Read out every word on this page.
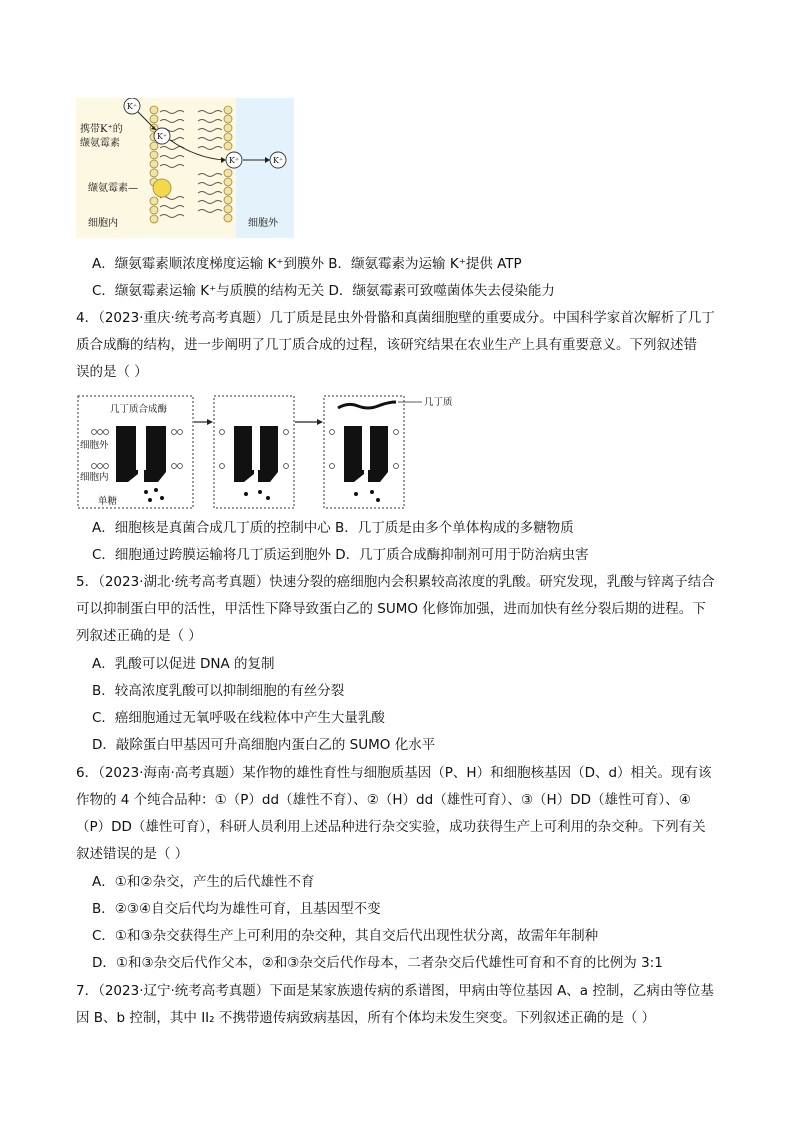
K⁺
K⁺
K⁺	K⁺
携带K⁺的
缬氨霉素
缬氨霉素—
细胞内	细胞外
A．缬氨霉素顺浓度梯度运输 K⁺到膜外 B．缬氨霉素为运输 K⁺提供 ATP
C．缬氨霉素运输 K⁺与质膜的结构无关 D．缬氨霉素可致噬菌体失去侵染能力
4．（2023·重庆·统考高考真题）几丁质是昆虫外骨骼和真菌细胞壁的重要成分。中国科学家首次解析了几丁
质合成酶的结构，进一步阐明了几丁质合成的过程，该研究结果在农业生产上具有重要意义。下列叙述错
误的是（ ）
几丁质合成酶
细胞外
细胞内
单糖
几丁质
A．细胞核是真菌合成几丁质的控制中心 B．几丁质是由多个单体构成的多糖物质
C．细胞通过跨膜运输将几丁质运到胞外 D．几丁质合成酶抑制剂可用于防治病虫害
5．（2023·湖北·统考高考真题）快速分裂的癌细胞内会积累较高浓度的乳酸。研究发现，乳酸与锌离子结合
可以抑制蛋白甲的活性，甲活性下降导致蛋白乙的 SUMO 化修饰加强，进而加快有丝分裂后期的进程。下
列叙述正确的是（ ）
A．乳酸可以促进 DNA 的复制
B．较高浓度乳酸可以抑制细胞的有丝分裂
C．癌细胞通过无氧呼吸在线粒体中产生大量乳酸
D．敲除蛋白甲基因可升高细胞内蛋白乙的 SUMO 化水平
6．（2023·海南·高考真题）某作物的雄性育性与细胞质基因（P、H）和细胞核基因（D、d）相关。现有该
作物的 4 个纯合品种：①（P）dd（雄性不育）、②（H）dd（雄性可育）、③（H）DD（雄性可育）、④
（P）DD（雄性可育），科研人员利用上述品种进行杂交实验，成功获得生产上可利用的杂交种。下列有关
叙述错误的是（ ）
A．①和②杂交，产生的后代雄性不育
B．②③④自交后代均为雄性可育，且基因型不变
C．①和③杂交获得生产上可利用的杂交种，其自交后代出现性状分离，故需年年制种
D．①和③杂交后代作父本，②和③杂交后代作母本，二者杂交后代雄性可育和不育的比例为 3:1
7．（2023·辽宁·统考高考真题）下面是某家族遗传病的系谱图，甲病由等位基因 A、a 控制，乙病由等位基
因 B、b 控制，其中 II₂ 不携带遗传病致病基因，所有个体均未发生突变。下列叙述正确的是（ ）
